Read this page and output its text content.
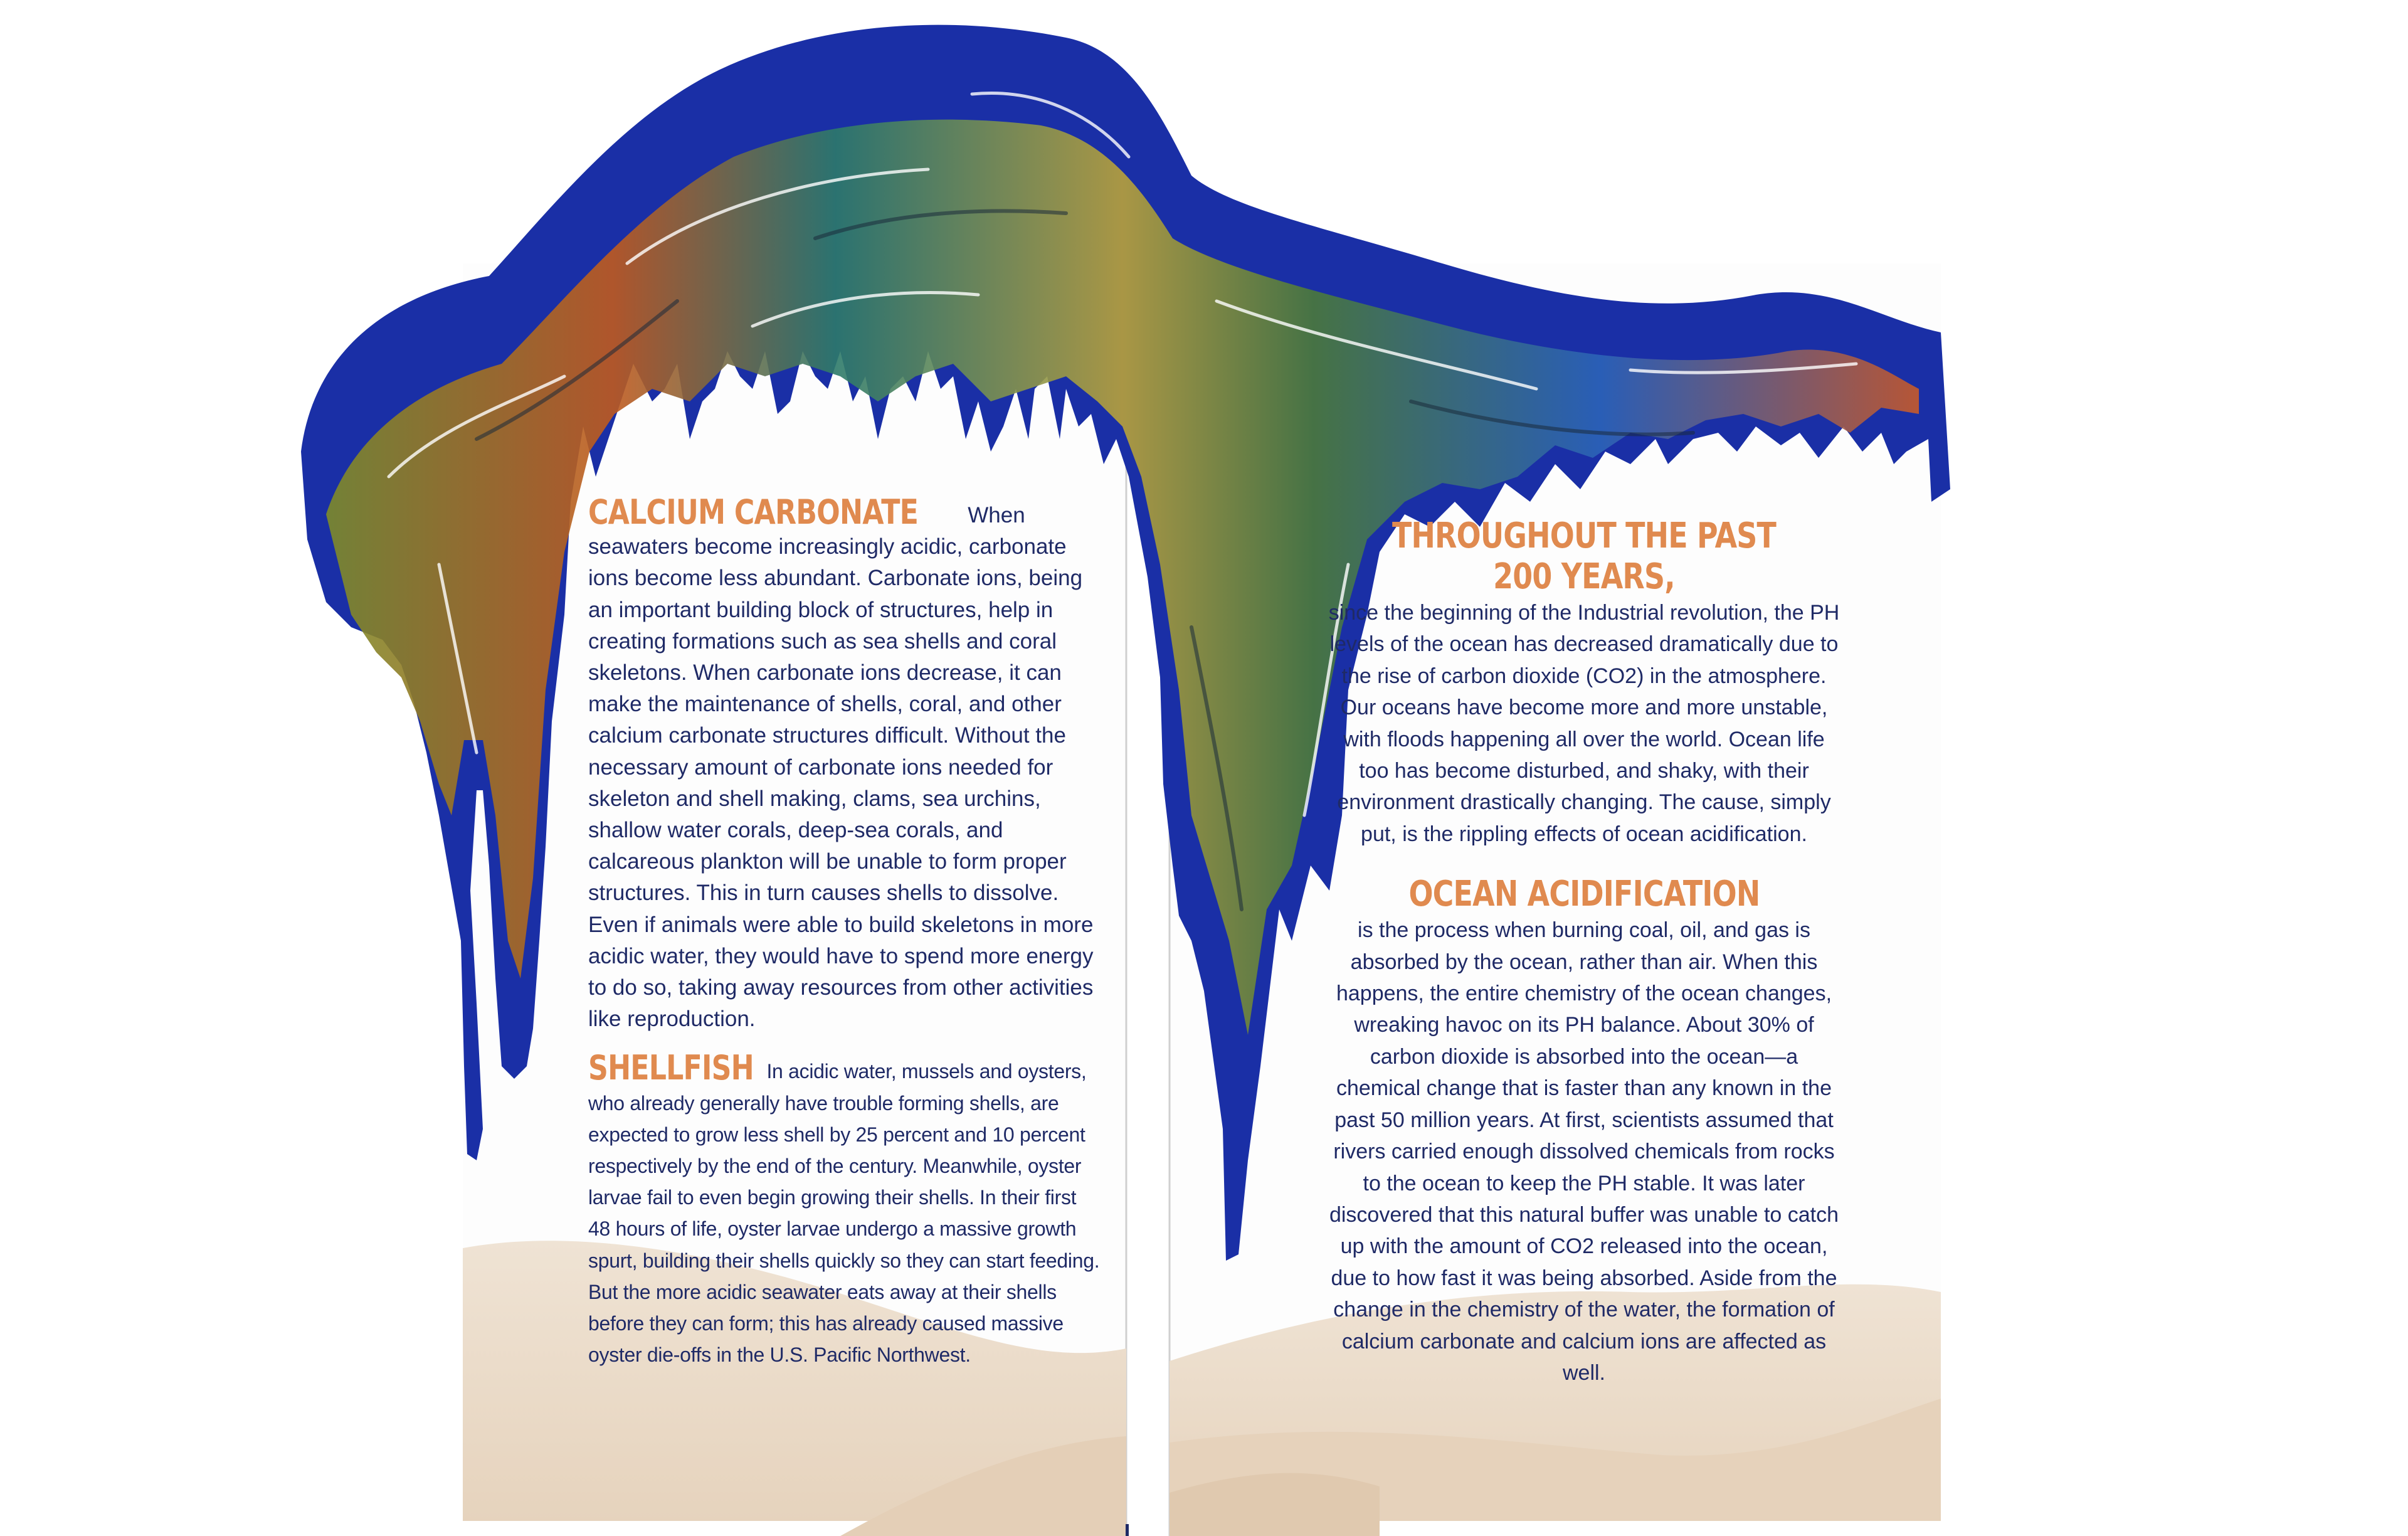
CALCIUM CARBONATE When seawaters become increasingly acidic, carbonate ions become less abundant. Carbonate ions, being an important building block of structures, help in creating formations such as sea shells and coral skeletons. When carbonate ions decrease, it can make the maintenance of shells, coral, and other calcium carbonate structures difficult. Without the necessary amount of carbonate ions needed for skeleton and shell making, clams, sea urchins, shallow water corals, deep-sea corals, and calcareous plankton will be unable to form proper structures. This in turn causes shells to dissolve. Even if animals were able to build skeletons in more acidic water, they would have to spend more energy to do so, taking away resources from other activities like reproduction.

SHELLFISH In acidic water, mussels and oysters, who already generally have trouble forming shells, are expected to grow less shell by 25 percent and 10 percent respectively by the end of the century. Meanwhile, oyster larvae fail to even begin growing their shells. In their first 48 hours of life, oyster larvae undergo a massive growth spurt, building their shells quickly so they can start feeding. But the more acidic seawater eats away at their shells before they can form; this has already caused massive oyster die-offs in the U.S. Pacific Northwest.

THROUGHOUT THE PAST 200 YEARS,

since the beginning of the Industrial revolution, the PH levels of the ocean has decreased dramatically due to the rise of carbon dioxide (CO2) in the atmosphere. Our oceans have become more and more unstable, with floods happening all over the world. Ocean life too has become disturbed, and shaky, with their environment drastically changing. The cause, simply put, is the rippling effects of ocean acidification.

OCEAN ACIDIFICATION

is the process when burning coal, oil, and gas is absorbed by the ocean, rather than air. When this happens, the entire chemistry of the ocean changes, wreaking havoc on its PH balance. About 30% of carbon dioxide is absorbed into the ocean—a chemical change that is faster than any known in the past 50 million years. At first, scientists assumed that rivers carried enough dissolved chemicals from rocks to the ocean to keep the PH stable. It was later discovered that this natural buffer was unable to catch up with the amount of CO2 released into the ocean, due to how fast it was being absorbed. Aside from the change in the chemistry of the water, the formation of calcium carbonate and calcium ions are affected as well.
